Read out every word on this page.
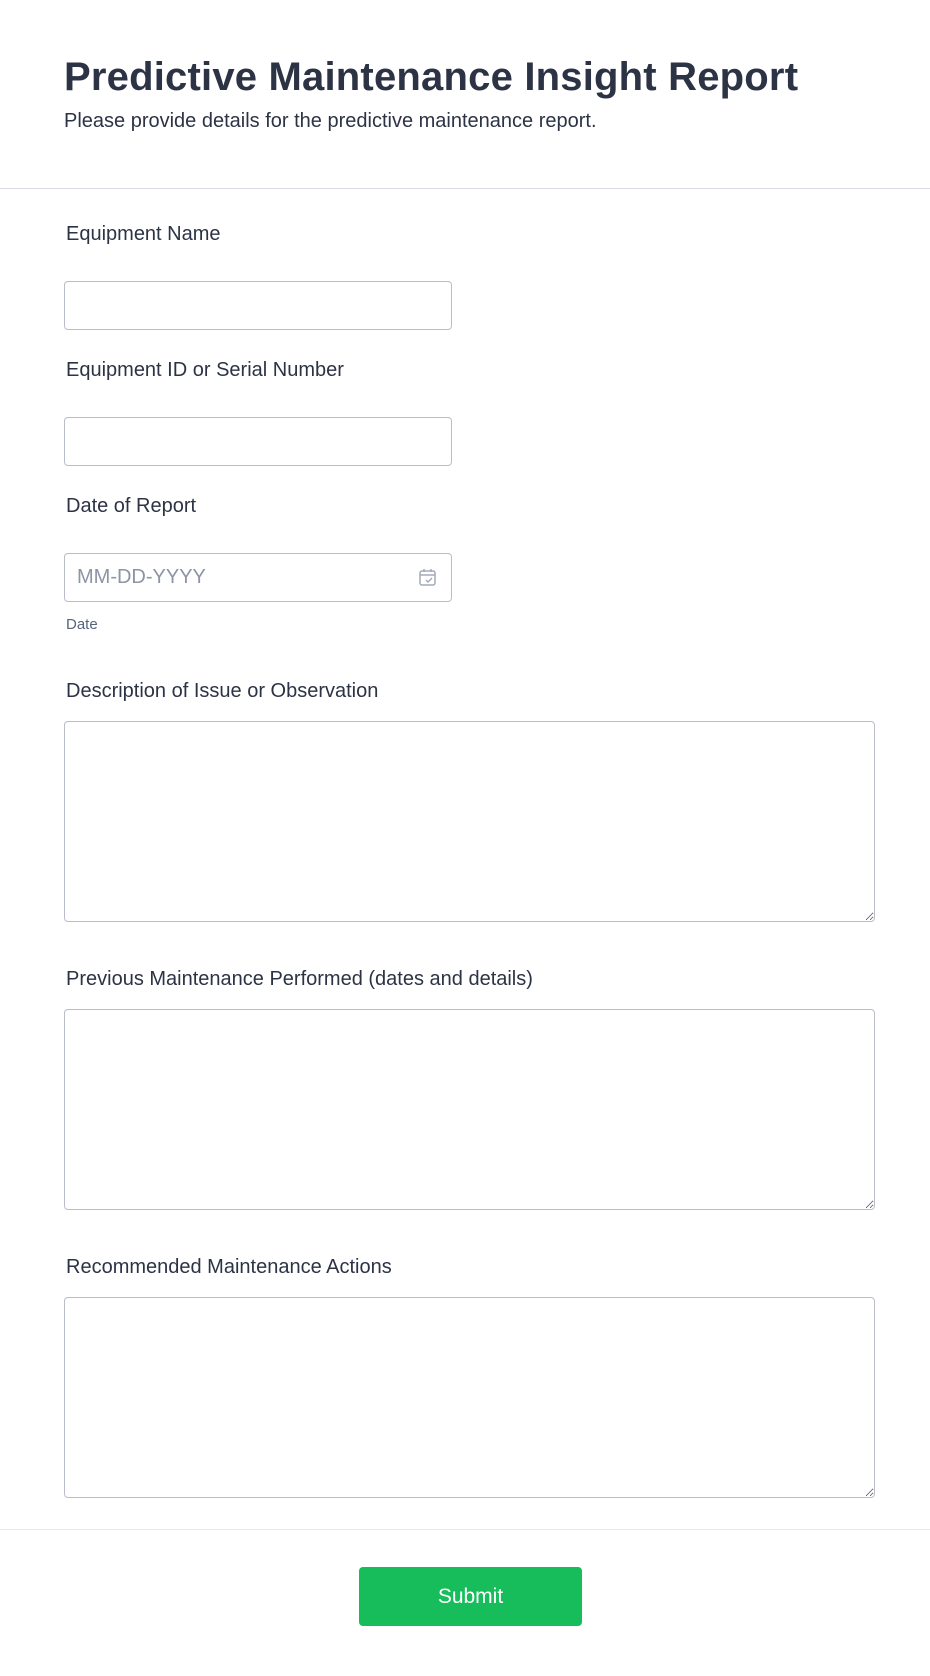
Predictive Maintenance Insight Report
Please provide details for the predictive maintenance report.
Equipment Name
Equipment ID or Serial Number
Date of Report
MM-DD-YYYY
Date
Description of Issue or Observation
Previous Maintenance Performed (dates and details)
Recommended Maintenance Actions
Submit
